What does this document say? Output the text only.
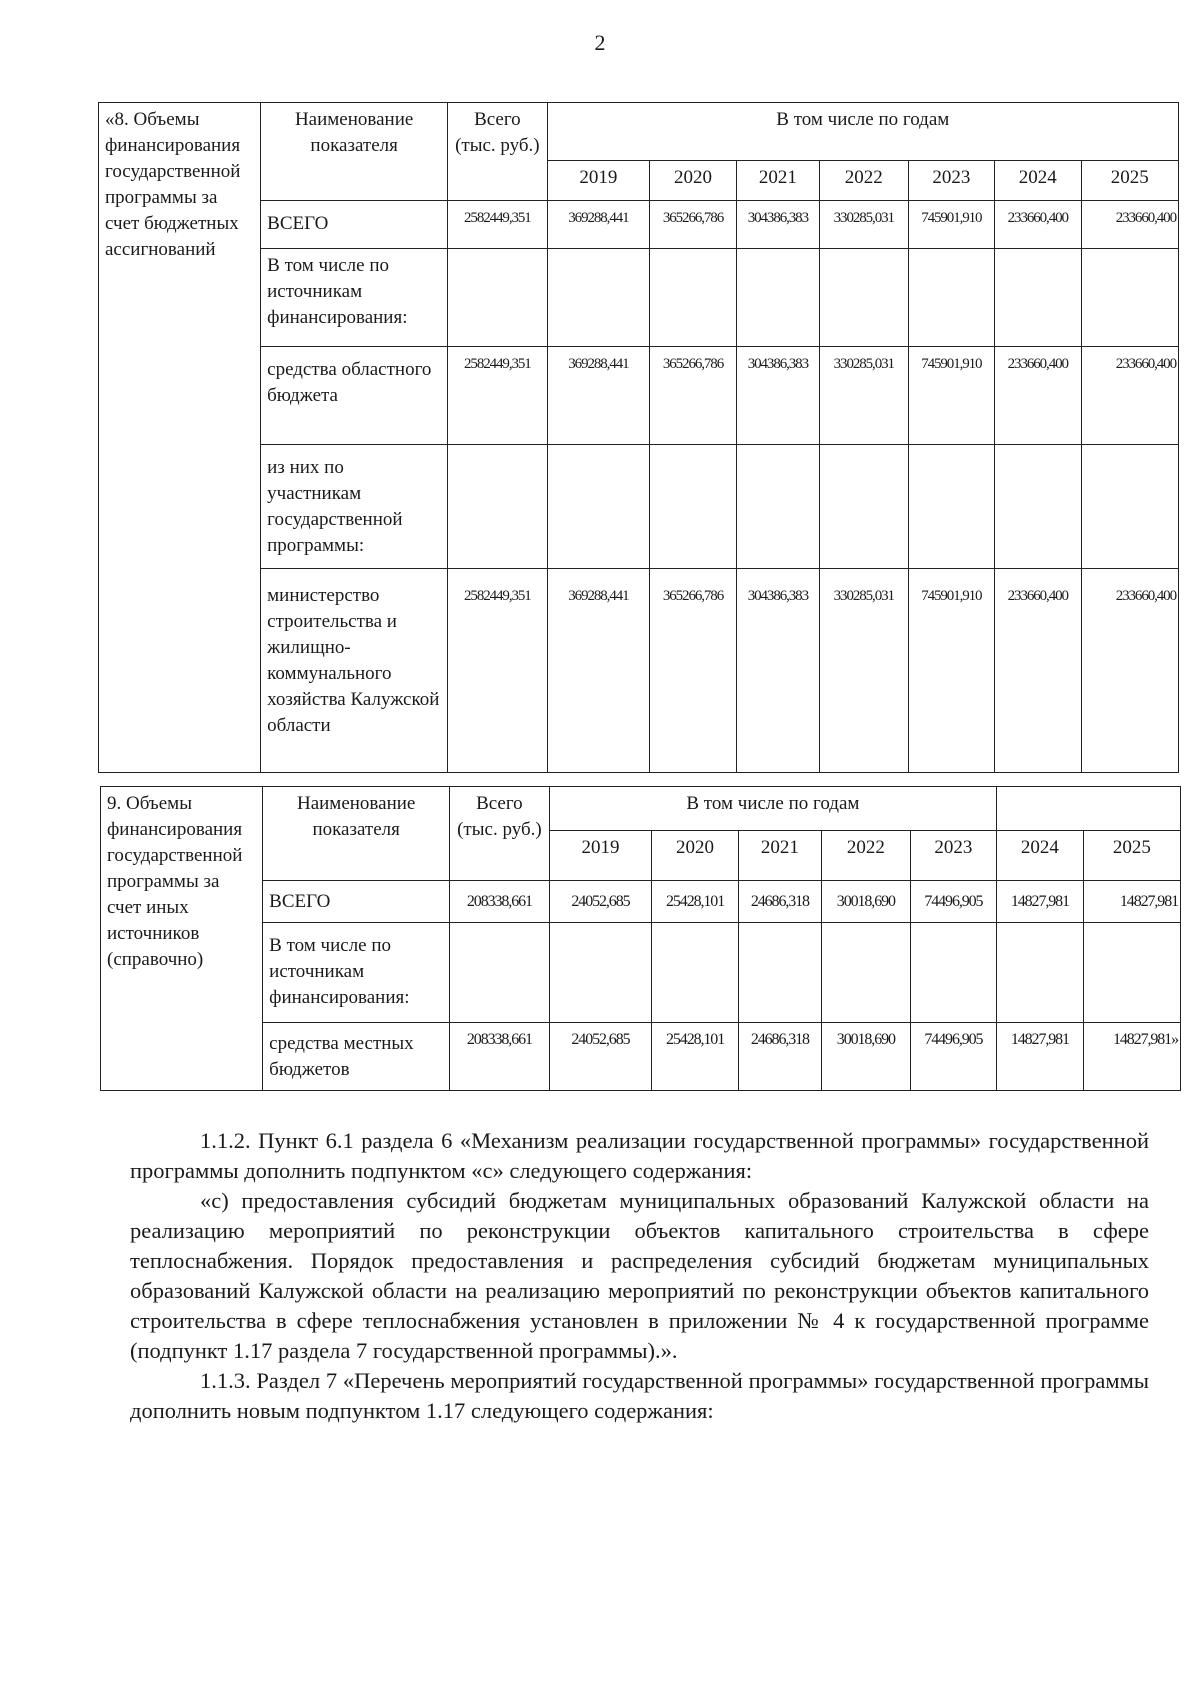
2
«8. Объемы финансирования государственной программы за счет бюджетных ассигнований	Наименование показателя	Всего (тыс. руб.)	В том числе по годам						
			2019	2020	2021	2022	2023	2024	2025
	ВСЕГО	2582449,351	369288,441	365266,786	304386,383	330285,031	745901,910	233660,400	233660,400
	В том числе по источникам финансирования:								
	средства областного бюджета	2582449,351	369288,441	365266,786	304386,383	330285,031	745901,910	233660,400	233660,400
	из них по участникам государственной программы:								
	министерство строительства и жилищно-коммунального хозяйства Калужской области	2582449,351	369288,441	365266,786	304386,383	330285,031	745901,910	233660,400	233660,400
9. Объемы финансирования государственной программы за счет иных источников (справочно)	Наименование показателя	Всего (тыс. руб.)	В том числе по годам						
			2019	2020	2021	2022	2023	2024	2025
	ВСЕГО	208338,661	24052,685	25428,101	24686,318	30018,690	74496,905	14827,981	14827,981
	В том числе по источникам финансирования:								
	средства местных бюджетов	208338,661	24052,685	25428,101	24686,318	30018,690	74496,905	14827,981	14827,981»

1.1.2. Пункт 6.1 раздела 6 «Механизм реализации государственной программы» государственной программы дополнить подпунктом «с» следующего содержания:

«с) предоставления субсидий бюджетам муниципальных образований Калужской области на реализацию мероприятий по реконструкции объектов капитального строительства в сфере теплоснабжения. Порядок предоставления и распределения субсидий бюджетам муниципальных образований Калужской области на реализацию мероприятий по реконструкции объектов капитального строительства в сфере теплоснабжения установлен в приложении № 4 к государственной программе (подпункт 1.17 раздела 7 государственной программы).».

1.1.3. Раздел 7 «Перечень мероприятий государственной программы» государственной программы дополнить новым подпунктом 1.17 следующего содержания:
